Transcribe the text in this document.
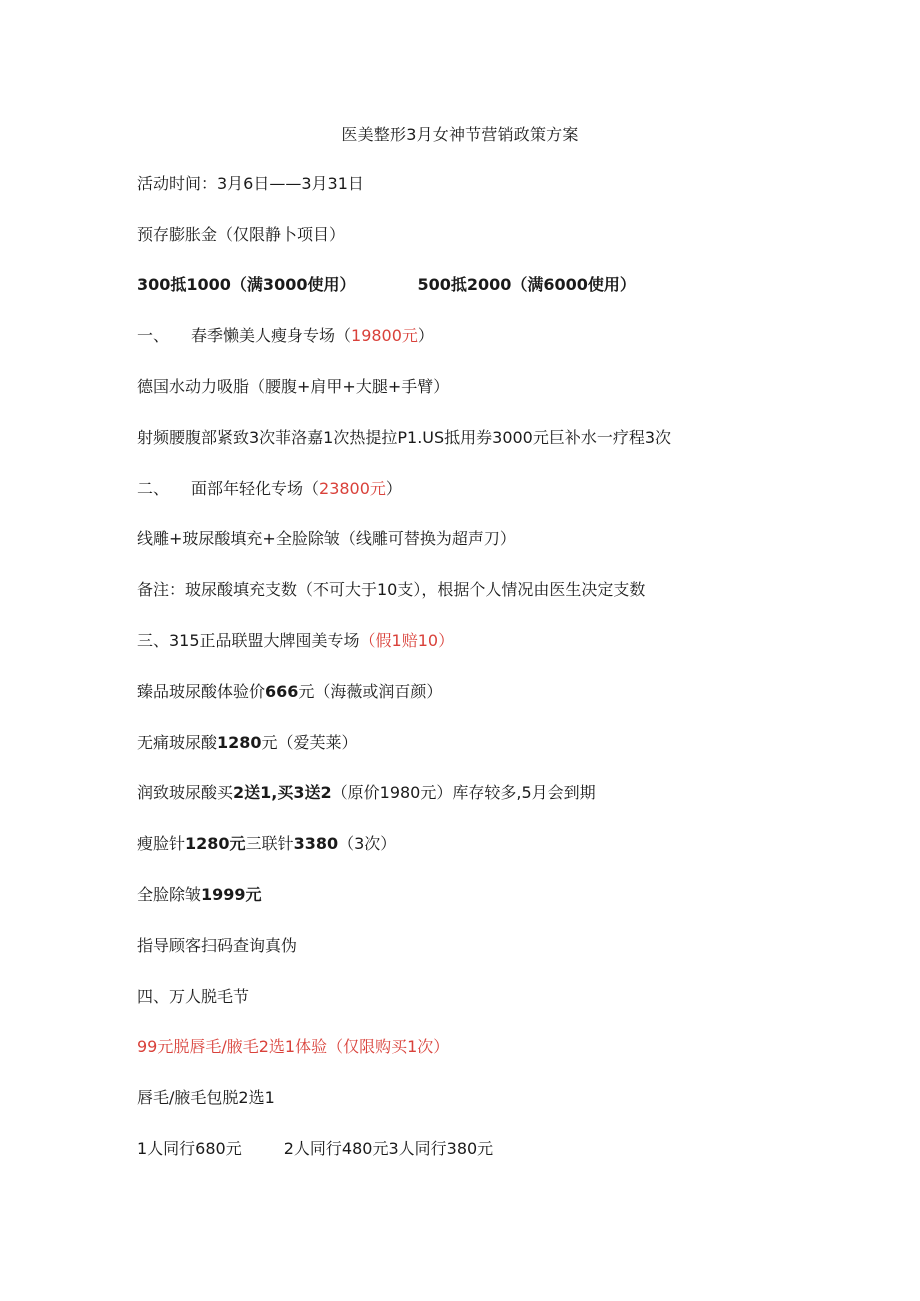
医美整形3月女神节营销政策方案
活动时间：3月6日——3月31日
预存膨胀金（仅限静卜项目）
300抵1000（满3000使用）	500抵2000（满6000使用）
一、 春季懒美人瘦身专场（19800元）
德国水动力吸脂（腰腹+肩甲+大腿+手臂）
射频腰腹部紧致3次菲洛嘉1次热提拉P1.US抵用券3000元巨补水一疗程3次
二、 面部年轻化专场（23800元）
线雕+玻尿酸填充+全脸除皱（线雕可替换为超声刀）
备注：玻尿酸填充支数（不可大于10支），根据个人情况由医生决定支数
三、315正品联盟大牌囤美专场（假1赔10）
臻品玻尿酸体验价666元（海薇或润百颜）
无痛玻尿酸1280元（爱芙莱）
润致玻尿酸买2送1,买3送2（原价1980元）库存较多,5月会到期
瘦脸针1280元三联针3380（3次）
全脸除皱1999元
指导顾客扫码查询真伪
四、万人脱毛节
99元脱唇毛/腋毛2选1体验（仅限购买1次）
唇毛/腋毛包脱2选1
1人同行680元	2人同行480元3人同行380元
